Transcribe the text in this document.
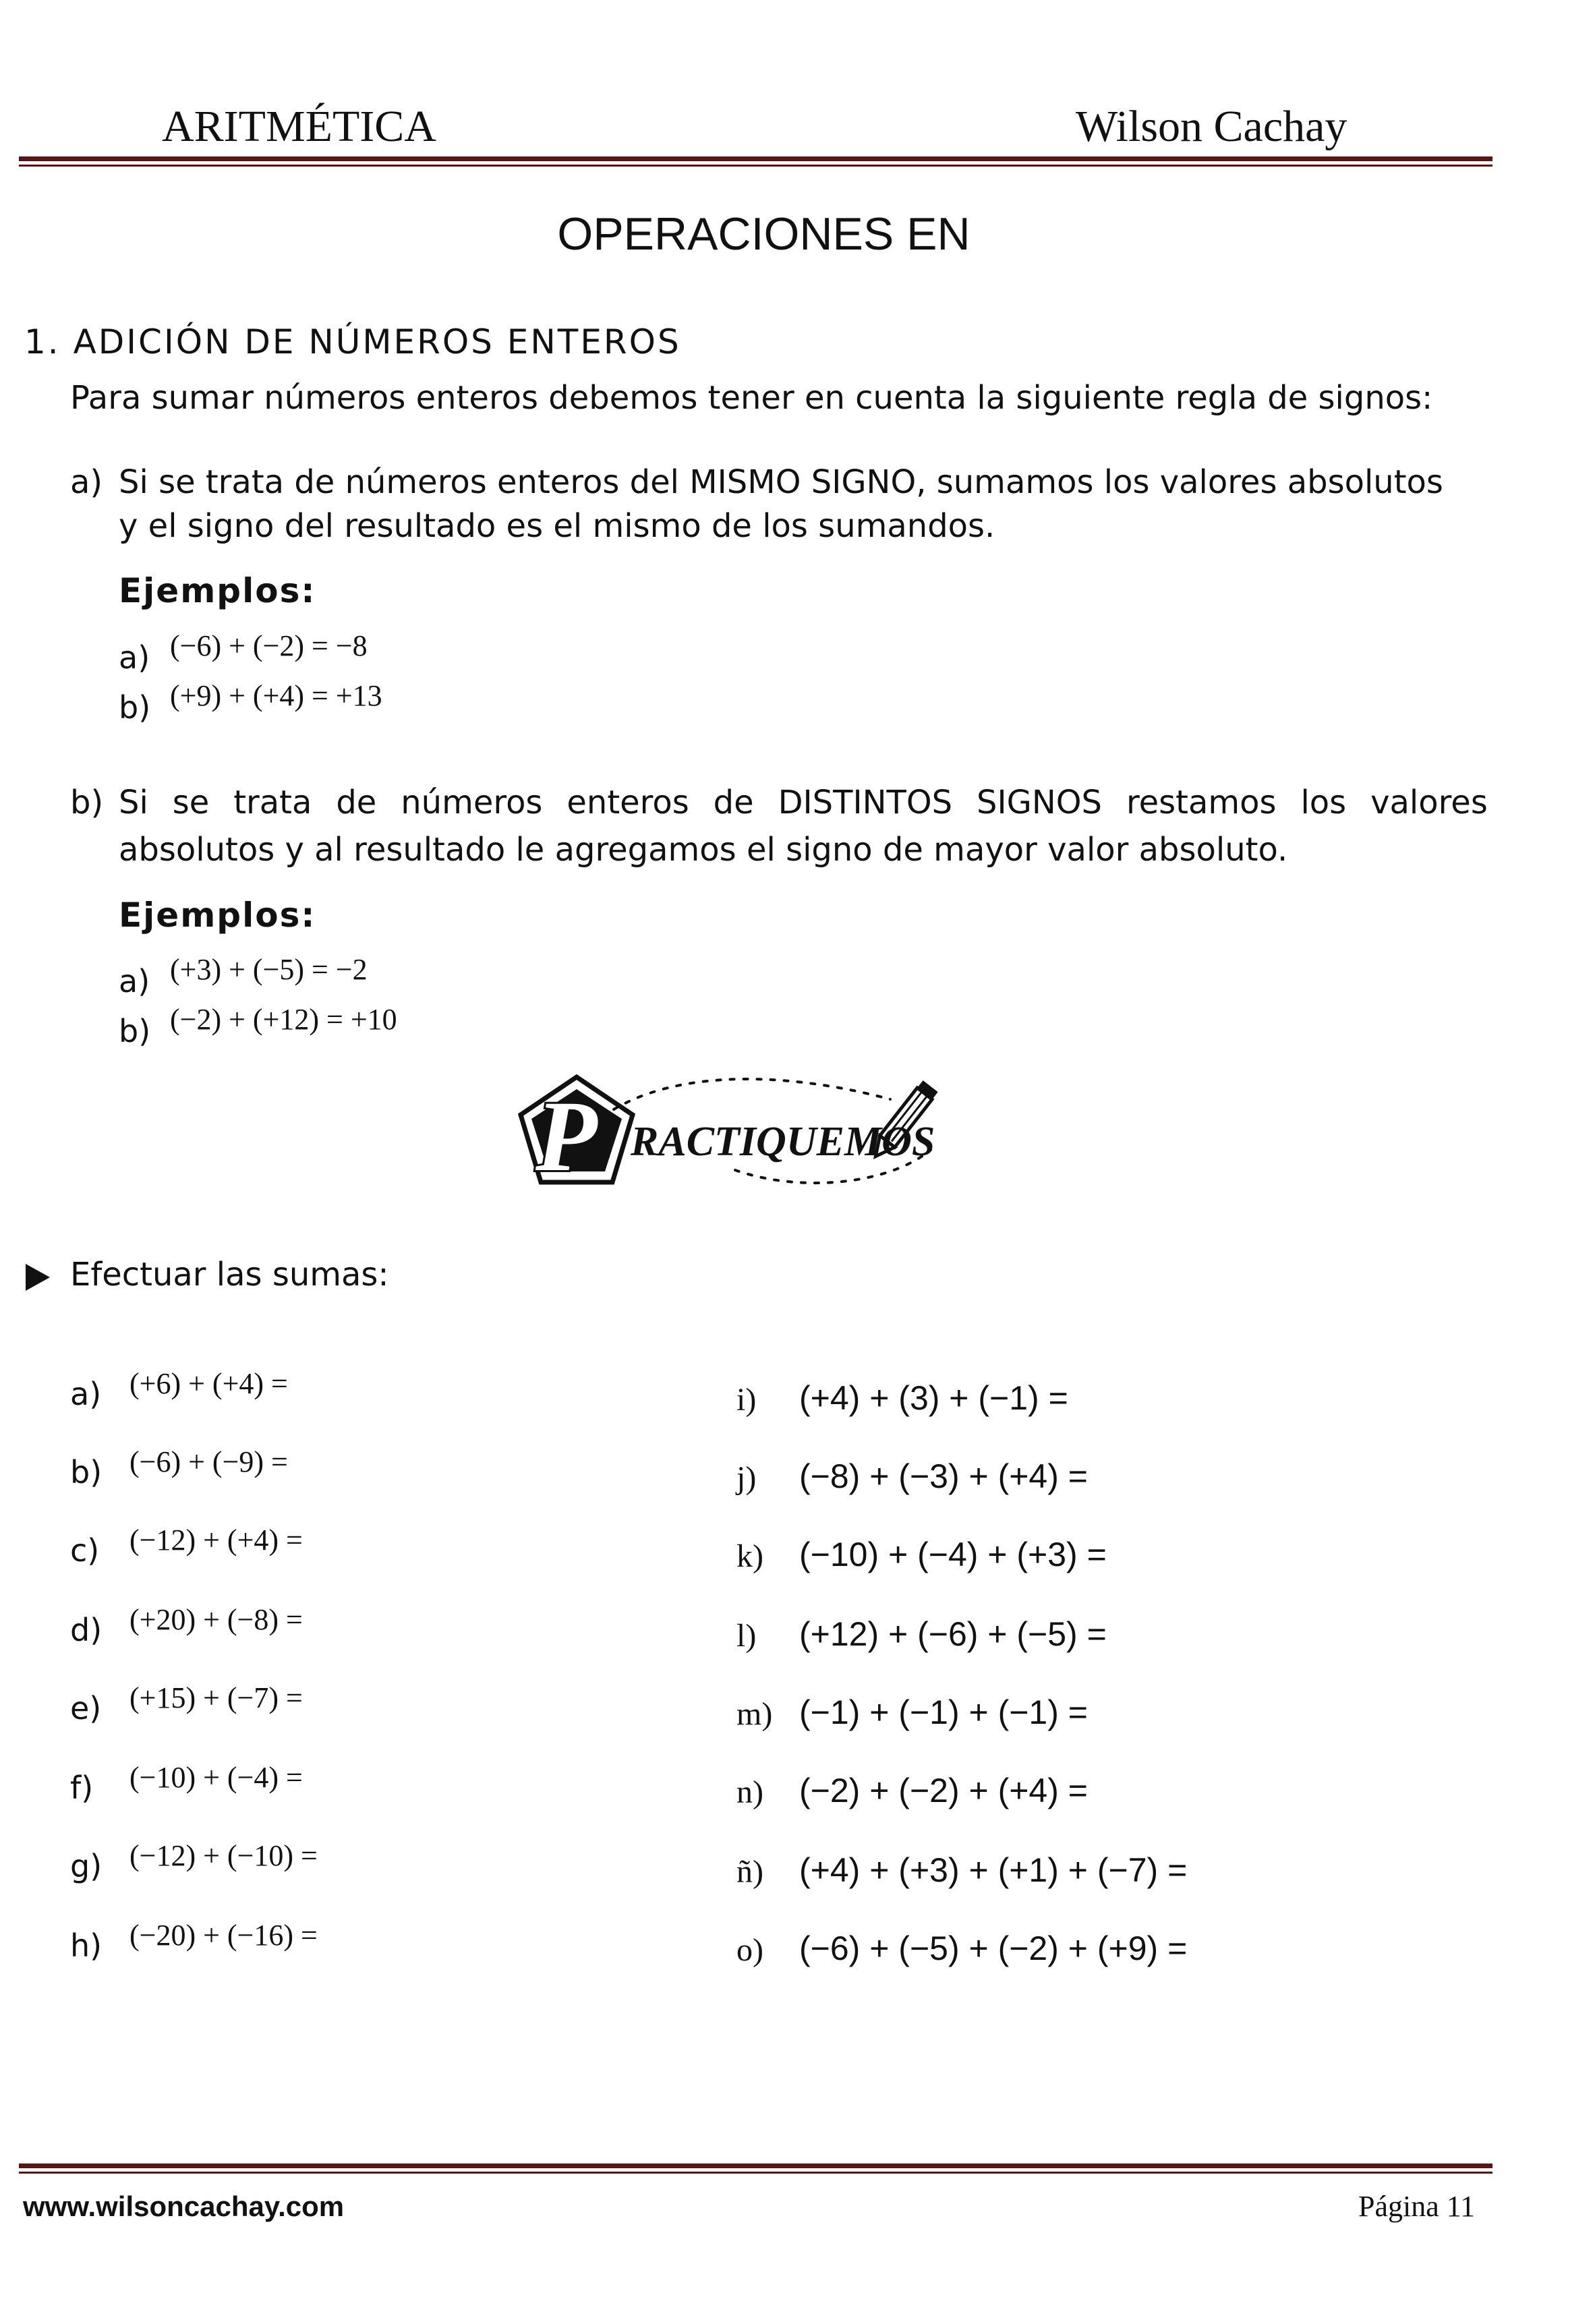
ARITMÉTICA	Wilson Cachay
OPERACIONES EN
1. ADICIÓN DE NÚMEROS ENTEROS
Para sumar números enteros debemos tener en cuenta la siguiente regla de signos:
a) Si se trata de números enteros del MISMO SIGNO, sumamos los valores absolutos
y el signo del resultado es el mismo de los sumandos.
Ejemplos:
a) (−6) + (−2) = −8
b) (+9) + (+4) = +13
b) Si se trata de números enteros de DISTINTOS SIGNOS restamos los valores
absolutos y al resultado le agregamos el signo de mayor valor absoluto.
Ejemplos:
a) (+3) + (−5) = −2
b) (−2) + (+12) = +10
P RACTIQUEMOS
Efectuar las sumas:
a) (+6) + (+4) =
b) (−6) + (−9) =
c) (−12) + (+4) =
d) (+20) + (−8) =
e) (+15) + (−7) =
f) (−10) + (−4) =
g) (−12) + (−10) =
h) (−20) + (−16) =
i) (+4) + (3) + (−1) =
j) (−8) + (−3) + (+4) =
k) (−10) + (−4) + (+3) =
l) (+12) + (−6) + (−5) =
m) (−1) + (−1) + (−1) =
n) (−2) + (−2) + (+4) =
ñ) (+4) + (+3) + (+1) + (−7) =
o) (−6) + (−5) + (−2) + (+9) =
www.wilsoncachay.com	Página 11
